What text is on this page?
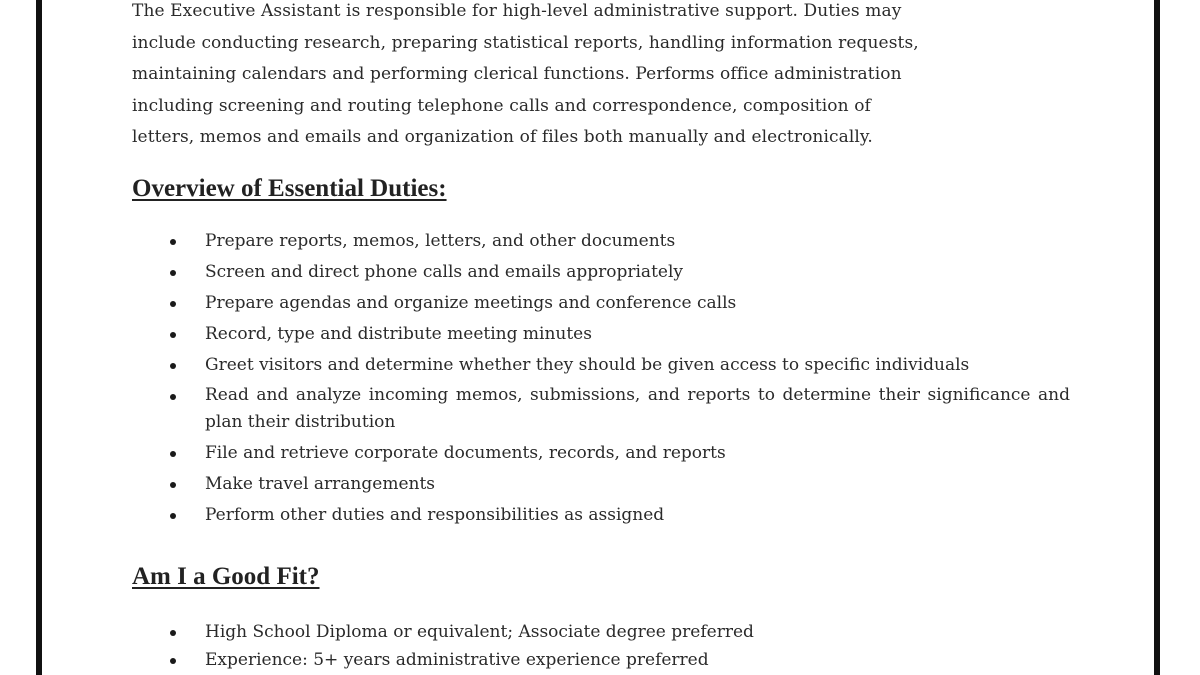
The Executive Assistant is responsible for high-level administrative support. Duties may
include conducting research, preparing statistical reports, handling information requests,
maintaining calendars and performing clerical functions. Performs office administration
including screening and routing telephone calls and correspondence, composition of
letters, memos and emails and organization of files both manually and electronically.

Overview of Essential Duties:
Prepare reports, memos, letters, and other documents
Screen and direct phone calls and emails appropriately
Prepare agendas and organize meetings and conference calls
Record, type and distribute meeting minutes
Greet visitors and determine whether they should be given access to specific individuals
Read and analyze incoming memos, submissions, and reports to determine their significance and plan their distribution
File and retrieve corporate documents, records, and reports
Make travel arrangements
Perform other duties and responsibilities as assigned
Am I a Good Fit?
High School Diploma or equivalent; Associate degree preferred
Experience: 5+ years administrative experience preferred
